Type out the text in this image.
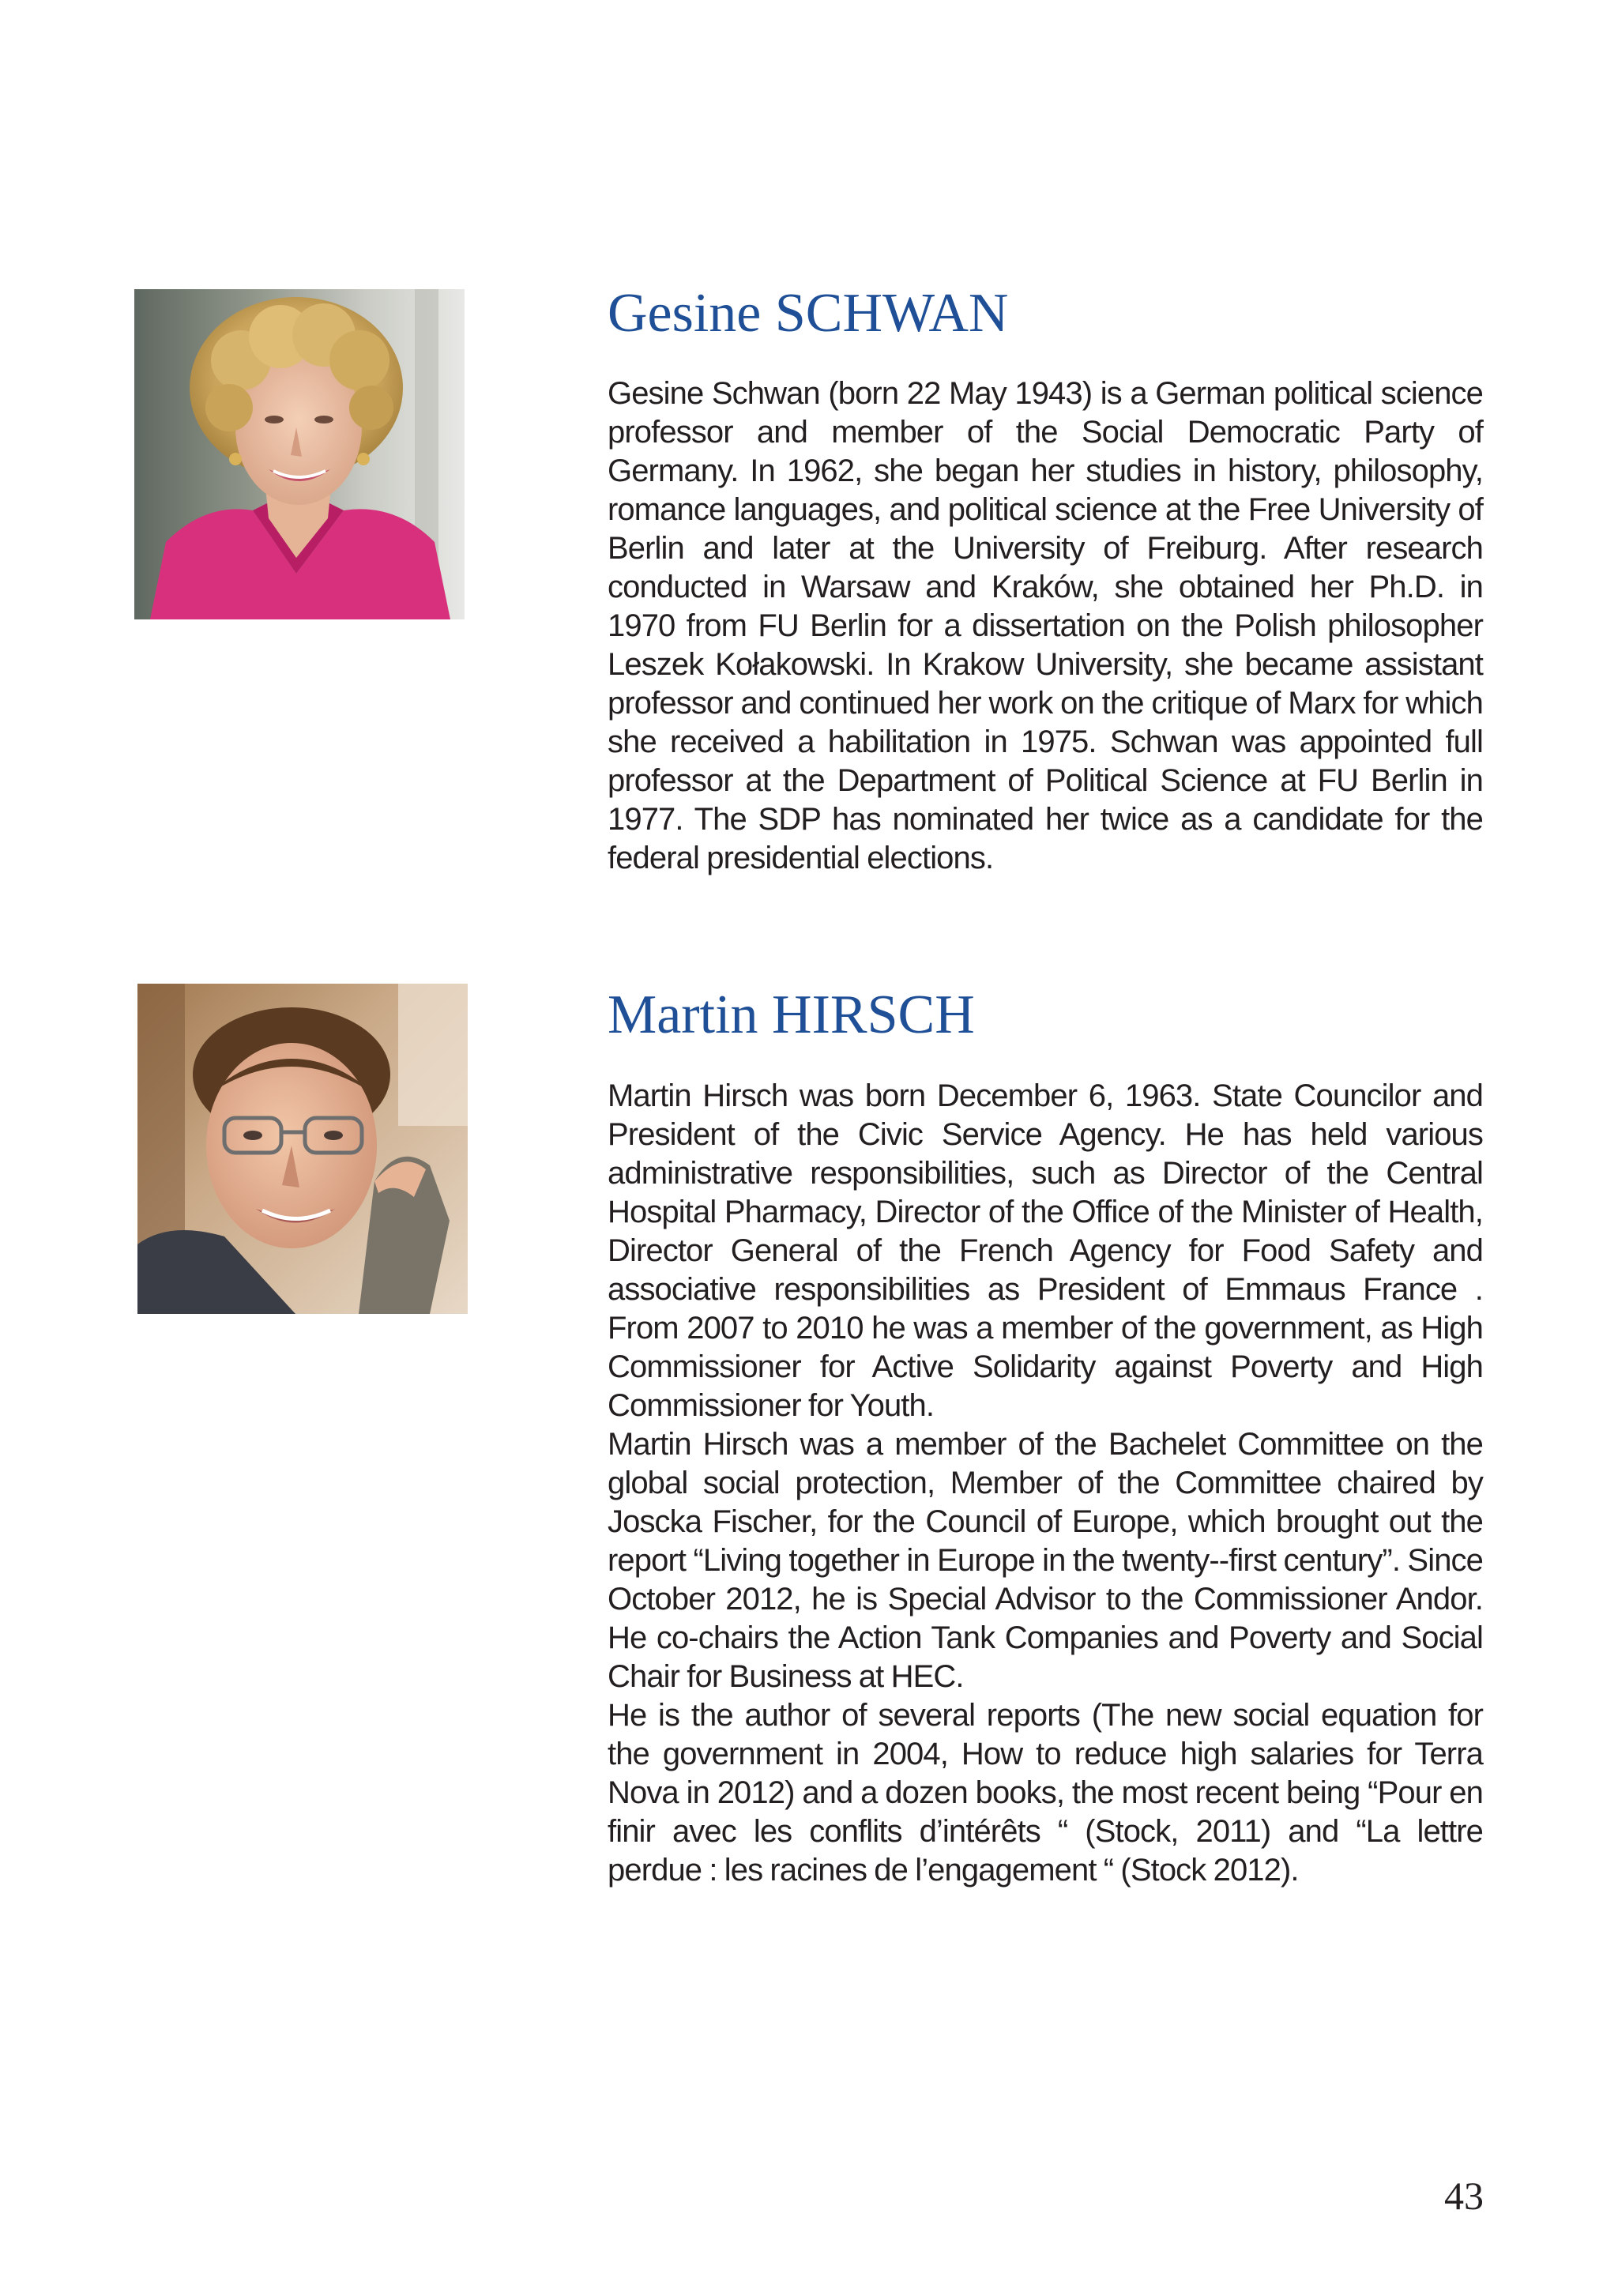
Gesine SCHWAN

Gesine Schwan (born 22 May 1943) is a German political science professor and member of the Social Democratic Party of Germany. In 1962, she began her studies in history, philosophy, romance languages, and political science at the Free University of Berlin and later at the University of Freiburg. After research conducted in Warsaw and Kraków, she obtained her Ph.D. in 1970 from FU Berlin for a dissertation on the Polish philosopher Leszek Kołakowski. In Krakow University, she became assistant professor and continued her work on the critique of Marx for which she received a habilitation in 1975. Schwan was appointed full professor at the Department of Political Science at FU Berlin in 1977. The SDP has nominated her twice as a candidate for the federal presidential elections.

Martin HIRSCH

Martin Hirsch was born December 6, 1963. State Councilor and President of the Civic Service Agency. He has held various administrative responsibilities, such as Director of the Central Hospital Pharmacy, Director of the Office of the Minister of Health, Director General of the French Agency for Food Safety and associative responsibilities as President of Emmaus France . From 2007 to 2010 he was a member of the government, as High Commissioner for Active Solidarity against Poverty and High Commissioner for Youth.

Martin Hirsch was a member of the Bachelet Committee on the global social protection, Member of the Committee chaired by Joscka Fischer, for the Council of Europe, which brought out the report “Living together in Europe in the twenty--first century”. Since October 2012, he is Special Advisor to the Commissioner Andor. He co-chairs the Action Tank Companies and Poverty and Social Chair for Business at HEC.

He is the author of several reports (The new social equation for the government in 2004, How to reduce high salaries for Terra Nova in 2012) and a dozen books, the most recent being “Pour en finir avec les conflits d’intérêts “ (Stock, 2011) and “La lettre perdue : les racines de l’engagement “ (Stock 2012).

43
